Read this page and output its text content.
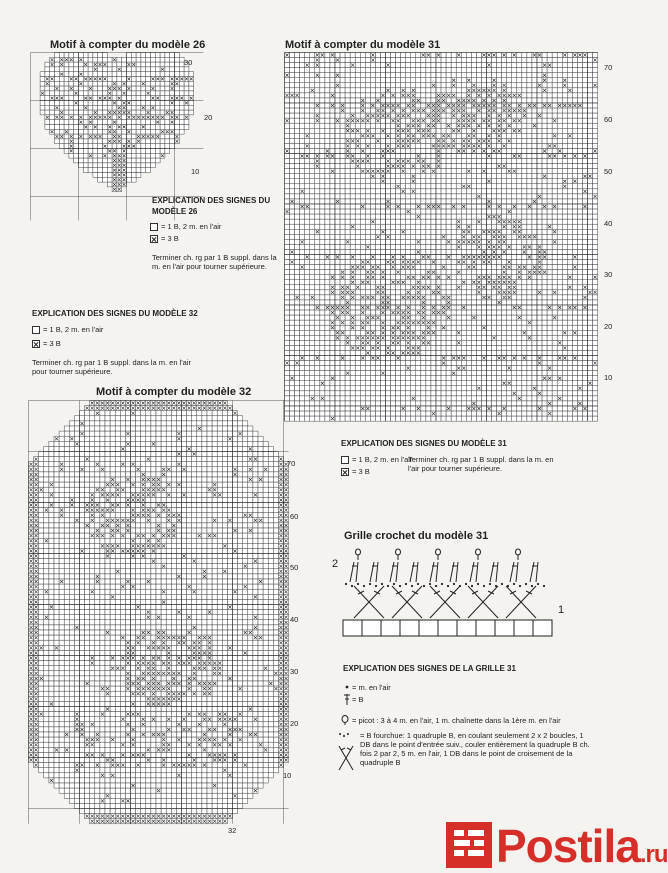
Motif à compter du modèle 26
30
20
10
EXPLICATION DES SIGNES DU MODÈLE 26
= 1 B, 2 m. en l'air
= 3 B
Terminer ch. rg par 1 B suppl. dans la m. en l'air pour tourner supérieure.
EXPLICATION DES SIGNES DU MODÈLE 32
= 1 B, 2 m. en l'air
= 3 B
Terminer ch. rg par 1 B suppl. dans la m. en l'air pour tourner supérieure.
Motif à compter du modèle 32
70
60
50
40
30
20
10
32
Motif à compter du modèle 31
70
60
50
40
30
20
10
EXPLICATION DES SIGNES DU MODÈLE 31
= 1 B, 2 m. en l'air
= 3 B
Terminer ch. rg par 1 B suppl. dans la m. en l'air pour tourner supérieure.
Grille crochet du modèle 31
2
1
EXPLICATION DES SIGNES DE LA GRILLE 31
= m. en l'air
= B
= picot : 3 à 4 m. en l'air, 1 m. chaînette dans la 1ère m. en l'air
= B fourchue: 1 quadruple B, en coulant seulement 2 x 2 boucles, 1 DB dans le point d'entrée suiv., couler entièrement la quadruple B ch. fois 2 par 2, 5 m. en l'air, 1 DB dans le point de croisement de la quadruple B
Postila.ru
